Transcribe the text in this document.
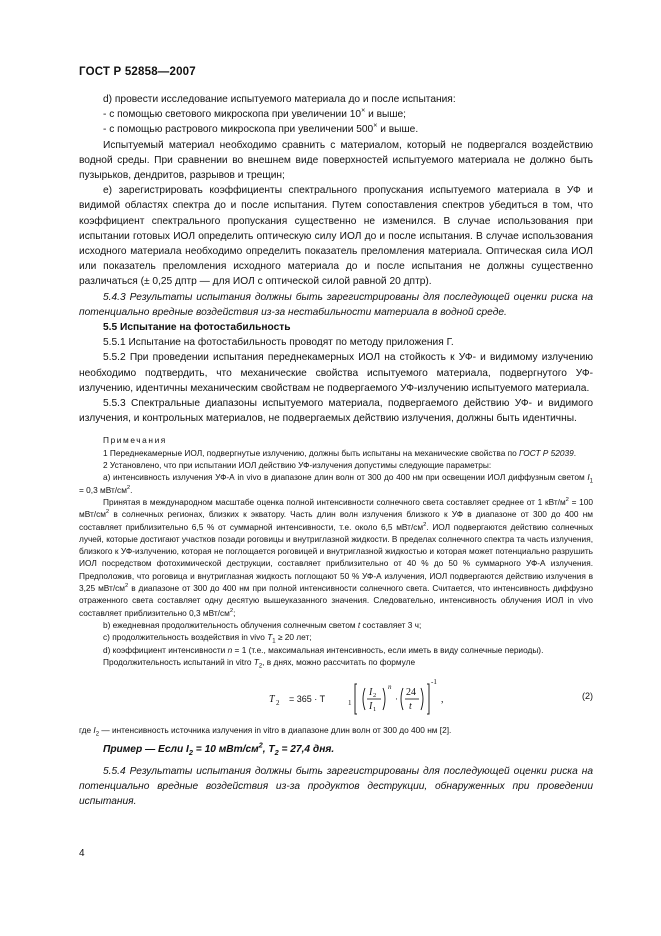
ГОСТ Р 52858—2007

d) провести исследование испытуемого материала до и после испытания:

- с помощью светового микроскопа при увеличении 10× и выше;

- с помощью растрового микроскопа при увеличении 500× и выше.

Испытуемый материал необходимо сравнить с материалом, который не подвергался воздействию водной среды. При сравнении во внешнем виде поверхностей испытуемого материала не должно быть пузырьков, дендритов, разрывов и трещин;

e) зарегистрировать коэффициенты спектрального пропускания испытуемого материала в УФ и видимой областях спектра до и после испытания. Путем сопоставления спектров убедиться в том, что коэффициент спектрального пропускания существенно не изменился. В случае использования при испытании готовых ИОЛ определить оптическую силу ИОЛ до и после испытания. В случае использования исходного материала необходимо определить показатель преломления материала. Оптическая сила ИОЛ или показатель преломления исходного материала до и после испытания не должны существенно различаться (± 0,25 дптр — для ИОЛ с оптической силой равной 20 дптр).

5.4.3 Результаты испытания должны быть зарегистрированы для последующей оценки риска на потенциально вредные воздействия из-за нестабильности материала в водной среде.

5.5 Испытание на фотостабильность

5.5.1 Испытание на фотостабильность проводят по методу приложения Г.

5.5.2 При проведении испытания переднекамерных ИОЛ на стойкость к УФ- и видимому излучению необходимо подтвердить, что механические свойства испытуемого материала, подвергнутого УФ-излучению, идентичны механическим свойствам не подвергаемого УФ-излучению испытуемого материала.

5.5.3 Спектральные диапазоны испытуемого материала, подвергаемого действию УФ- и видимого излучения, и контрольных материалов, не подвергаемых действию излучения, должны быть идентичны.

Примечания

1 Переднекамерные ИОЛ, подвергнутые излучению, должны быть испытаны на механические свойства по ГОСТ Р 52039.

2 Установлено, что при испытании ИОЛ действию УФ-излучения допустимы следующие параметры:

a) интенсивность излучения УФ-А in vivo в диапазоне длин волн от 300 до 400 нм при освещении ИОЛ диффузным светом $I_1 = 0,3$ мВт/$см^2$.

Принятая в международном масштабе оценка полной интенсивности солнечного света составляет среднее от 1 кВт/$м^2 = 100$ мВт/$см^2$ в солнечных регионах, близких к экватору. Часть длин волн излучения близкого к УФ в диапазоне от 300 до 400 нм составляет приблизительно 6,5 % от суммарной интенсивности, т.е. около 6,5 мВт/$см^2$. ИОЛ подвергаются действию солнечных лучей, которые достигают участков позади роговицы и внутриглазной жидкости. В пределах солнечного спектра та часть излучения, близкого к УФ-излучению, которая не поглощается роговицей и внутриглазной жидкостью и которая может потенциально разрушить ИОЛ посредством фотохимической деструкции, составляет приблизительно от 40 % до 50 % суммарного УФ-А излучения. Предположив, что роговица и внутриглазная жидкость поглощают 50 % УФ-А излучения, ИОЛ подвергаются действию излучения в 3,25 мВт/$см^2$ в диапазоне от 300 до 400 нм при полной интенсивности солнечного света. Считается, что интенсивность диффузно отраженного света составляет одну десятую вышеуказанного значения. Следовательно, интенсивность облучения ИОЛ in vivo составляет приблизительно 0,3 мВт/$см^2$;

b) ежедневная продолжительность облучения солнечным светом t составляет 3 ч;

c) продолжительность воздействия in vivo $T_1 \ge 20$ лет;

d) коэффициент интенсивности n = 1 (т.е., максимальная интенсивность, если иметь в виду солнечные периоды).

Продолжительность испытаний in vitro $T_2$, в днях, можно рассчитать по формуле

T 2 = 365 · T	1
I 2
I 1
n
·
24
t
-1
,	(2)

где $I_2$ — интенсивность источника излучения in vitro в диапазоне длин волн от 300 до 400 нм [2].

Пример — Если $I_2 = 10$ мВт/$см^2$, $T_2 = 27,4$ дня.

5.5.4 Результаты испытания должны быть зарегистрированы для последующей оценки риска на потенциально вредные воздействия из-за продуктов деструкции, обнаруженных при проведении испытания.

4
